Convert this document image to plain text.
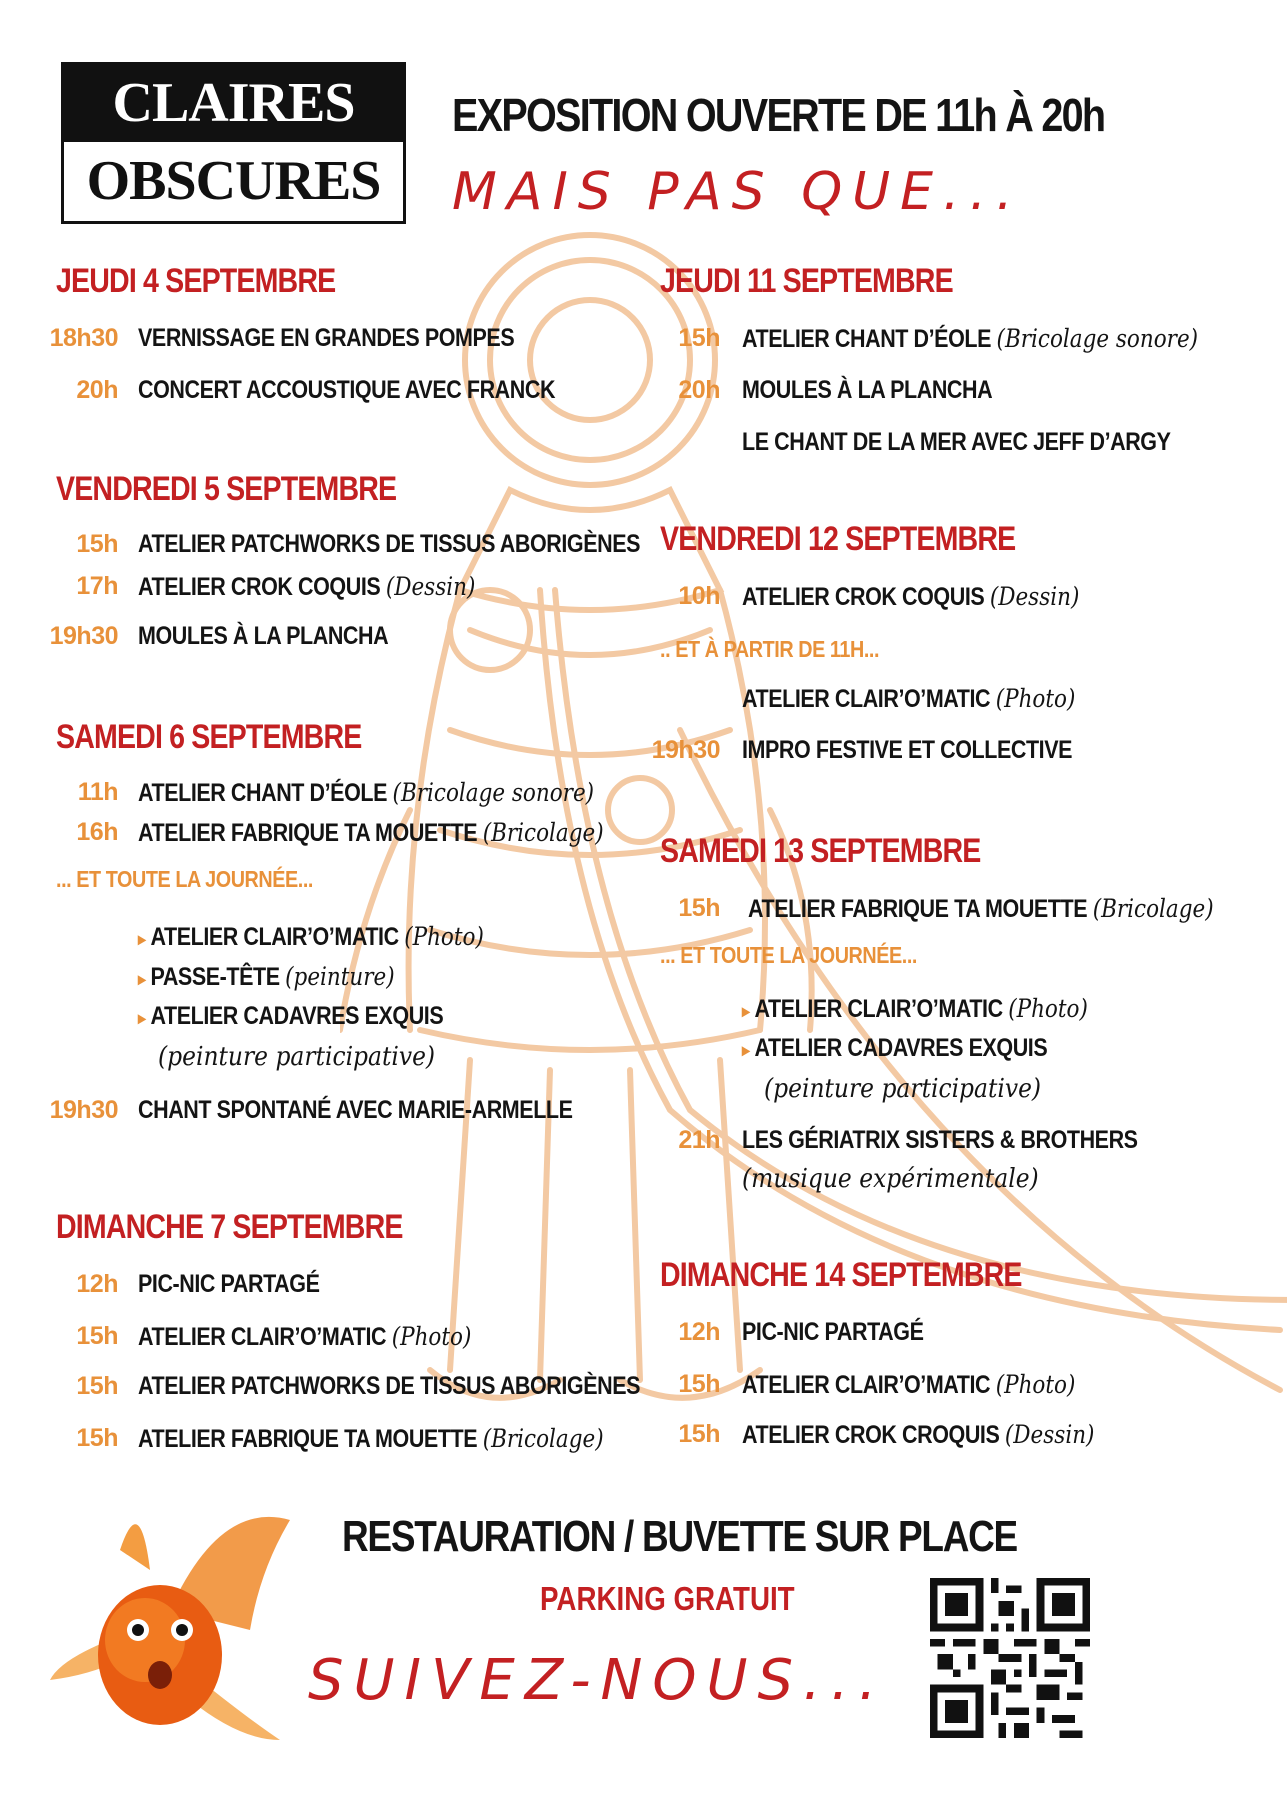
CLAIRES
OBSCURES
EXPOSITION OUVERTE DE 11h À 20h
MAIS PAS QUE...
JEUDI 4 SEPTEMBRE
18h30 VERNISSAGE EN GRANDES POMPES
20h CONCERT ACCOUSTIQUE AVEC FRANCK
VENDREDI 5 SEPTEMBRE
15h ATELIER PATCHWORKS DE TISSUS ABORIGÈNES
17h ATELIER CROK COQUIS (Dessin)
19h30 MOULES À LA PLANCHA
SAMEDI 6 SEPTEMBRE
11h ATELIER CHANT D’ÉOLE (Bricolage sonore)
16h ATELIER FABRIQUE TA MOUETTE (Bricolage)
... ET TOUTE LA JOURNÉE...
▸ ATELIER CLAIR’O’MATIC (Photo)
▸ PASSE-TÊTE (peinture)
▸ ATELIER CADAVRES EXQUIS
(peinture participative)
19h30 CHANT SPONTANÉ AVEC MARIE-ARMELLE
DIMANCHE 7 SEPTEMBRE
12h PIC-NIC PARTAGÉ
15h ATELIER CLAIR’O’MATIC (Photo)
15h ATELIER PATCHWORKS DE TISSUS ABORIGÈNES
15h ATELIER FABRIQUE TA MOUETTE (Bricolage)
JEUDI 11 SEPTEMBRE
15h ATELIER CHANT D’ÉOLE (Bricolage sonore)
20h MOULES À LA PLANCHA
LE CHANT DE LA MER AVEC JEFF D’ARGY
VENDREDI 12 SEPTEMBRE
10h ATELIER CROK COQUIS (Dessin)
.. ET À PARTIR DE 11H...
ATELIER CLAIR’O’MATIC (Photo)
19h30 IMPRO FESTIVE ET COLLECTIVE
SAMEDI 13 SEPTEMBRE
15h ATELIER FABRIQUE TA MOUETTE (Bricolage)
... ET TOUTE LA JOURNÉE...
▸ ATELIER CLAIR’O’MATIC (Photo)
▸ ATELIER CADAVRES EXQUIS
(peinture participative)
21h LES GÉRIATRIX SISTERS & BROTHERS
(musique expérimentale)
DIMANCHE 14 SEPTEMBRE
12h PIC-NIC PARTAGÉ
15h ATELIER CLAIR’O’MATIC (Photo)
15h ATELIER CROK CROQUIS (Dessin)
RESTAURATION / BUVETTE SUR PLACE
PARKING GRATUIT
SUIVEZ-NOUS...
